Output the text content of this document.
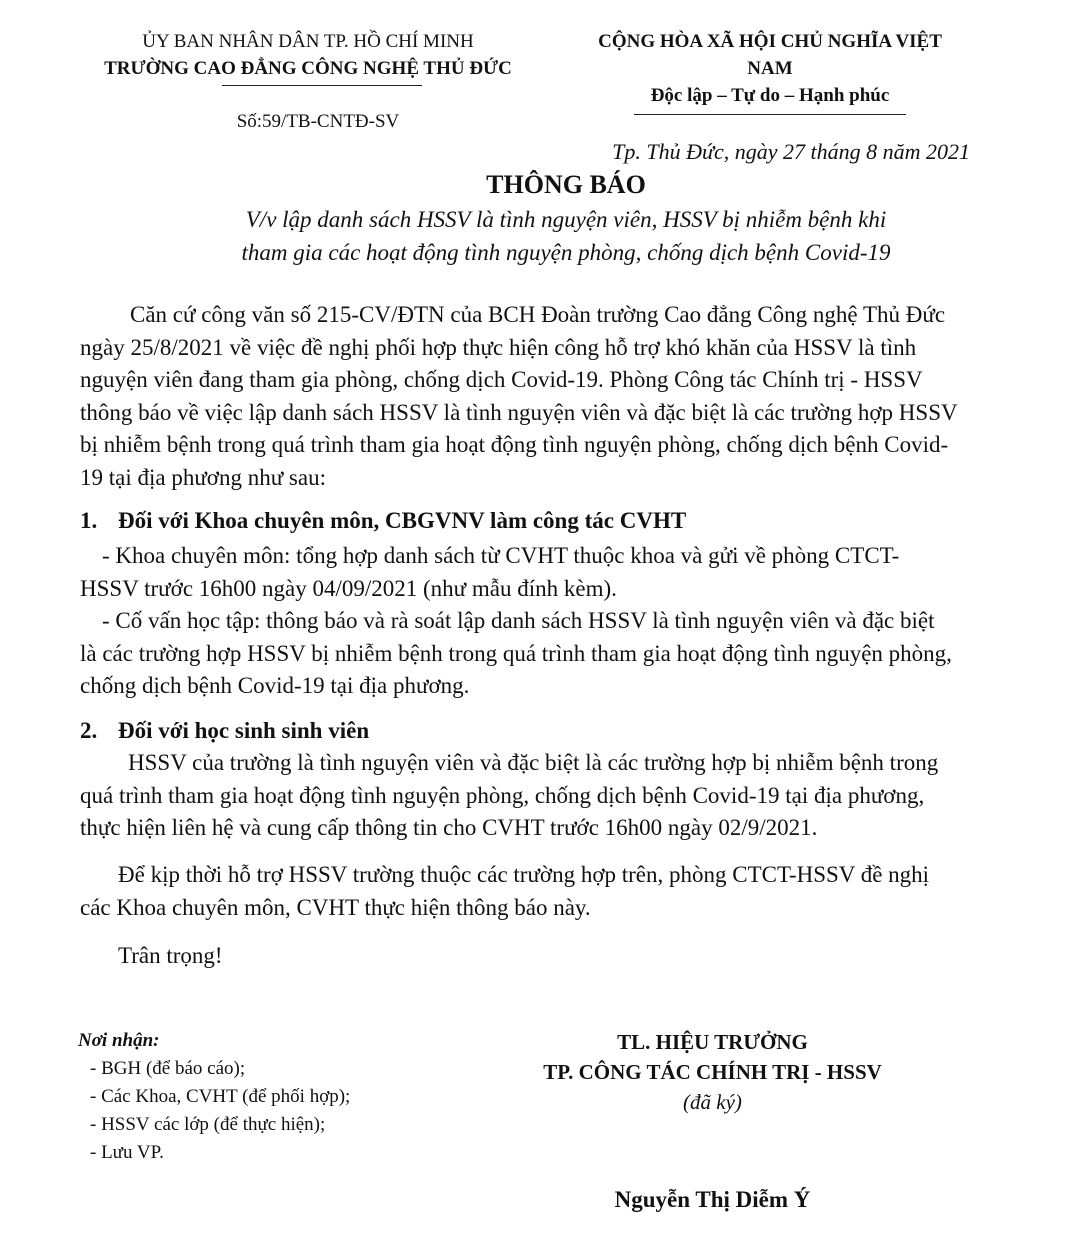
ỦY BAN NHÂN DÂN TP. HỒ CHÍ MINH
TRƯỜNG CAO ĐẲNG CÔNG NGHỆ THỦ ĐỨC
Số:59/TB-CNTĐ-SV
CỘNG HÒA XÃ HỘI CHỦ NGHĨA VIỆT
NAM
Độc lập – Tự do – Hạnh phúc
Tp. Thủ Đức, ngày 27 tháng 8 năm 2021
THÔNG BÁO
V/v lập danh sách HSSV là tình nguyện viên, HSSV bị nhiễm bệnh khi
tham gia các hoạt động tình nguyện phòng, chống dịch bệnh Covid-19
Căn cứ công văn số 215-CV/ĐTN của BCH Đoàn trường Cao đẳng Công nghệ Thủ Đức
ngày 25/8/2021 về việc đề nghị phối hợp thực hiện công hỗ trợ khó khăn của HSSV là tình
nguyện viên đang tham gia phòng, chống dịch Covid-19. Phòng Công tác Chính trị - HSSV
thông báo về việc lập danh sách HSSV là tình nguyện viên và đặc biệt là các trường hợp HSSV
bị nhiễm bệnh trong quá trình tham gia hoạt động tình nguyện phòng, chống dịch bệnh Covid-
19 tại địa phương như sau:
1. Đối với Khoa chuyên môn, CBGVNV làm công tác CVHT
- Khoa chuyên môn: tổng hợp danh sách từ CVHT thuộc khoa và gửi về phòng CTCT-
HSSV trước 16h00 ngày 04/09/2021 (như mẫu đính kèm).
- Cố vấn học tập: thông báo và rà soát lập danh sách HSSV là tình nguyện viên và đặc biệt
là các trường hợp HSSV bị nhiễm bệnh trong quá trình tham gia hoạt động tình nguyện phòng,
chống dịch bệnh Covid-19 tại địa phương.
2. Đối với học sinh sinh viên
HSSV của trường là tình nguyện viên và đặc biệt là các trường hợp bị nhiễm bệnh trong
quá trình tham gia hoạt động tình nguyện phòng, chống dịch bệnh Covid-19 tại địa phương,
thực hiện liên hệ và cung cấp thông tin cho CVHT trước 16h00 ngày 02/9/2021.
Để kịp thời hỗ trợ HSSV trường thuộc các trường hợp trên, phòng CTCT-HSSV đề nghị
các Khoa chuyên môn, CVHT thực hiện thông báo này.
Trân trọng!
Nơi nhận:
- BGH (để báo cáo);
- Các Khoa, CVHT (để phối hợp);
- HSSV các lớp (để thực hiện);
- Lưu VP.
TL. HIỆU TRƯỞNG
TP. CÔNG TÁC CHÍNH TRỊ - HSSV
(đã ký)
Nguyễn Thị Diễm Ý
